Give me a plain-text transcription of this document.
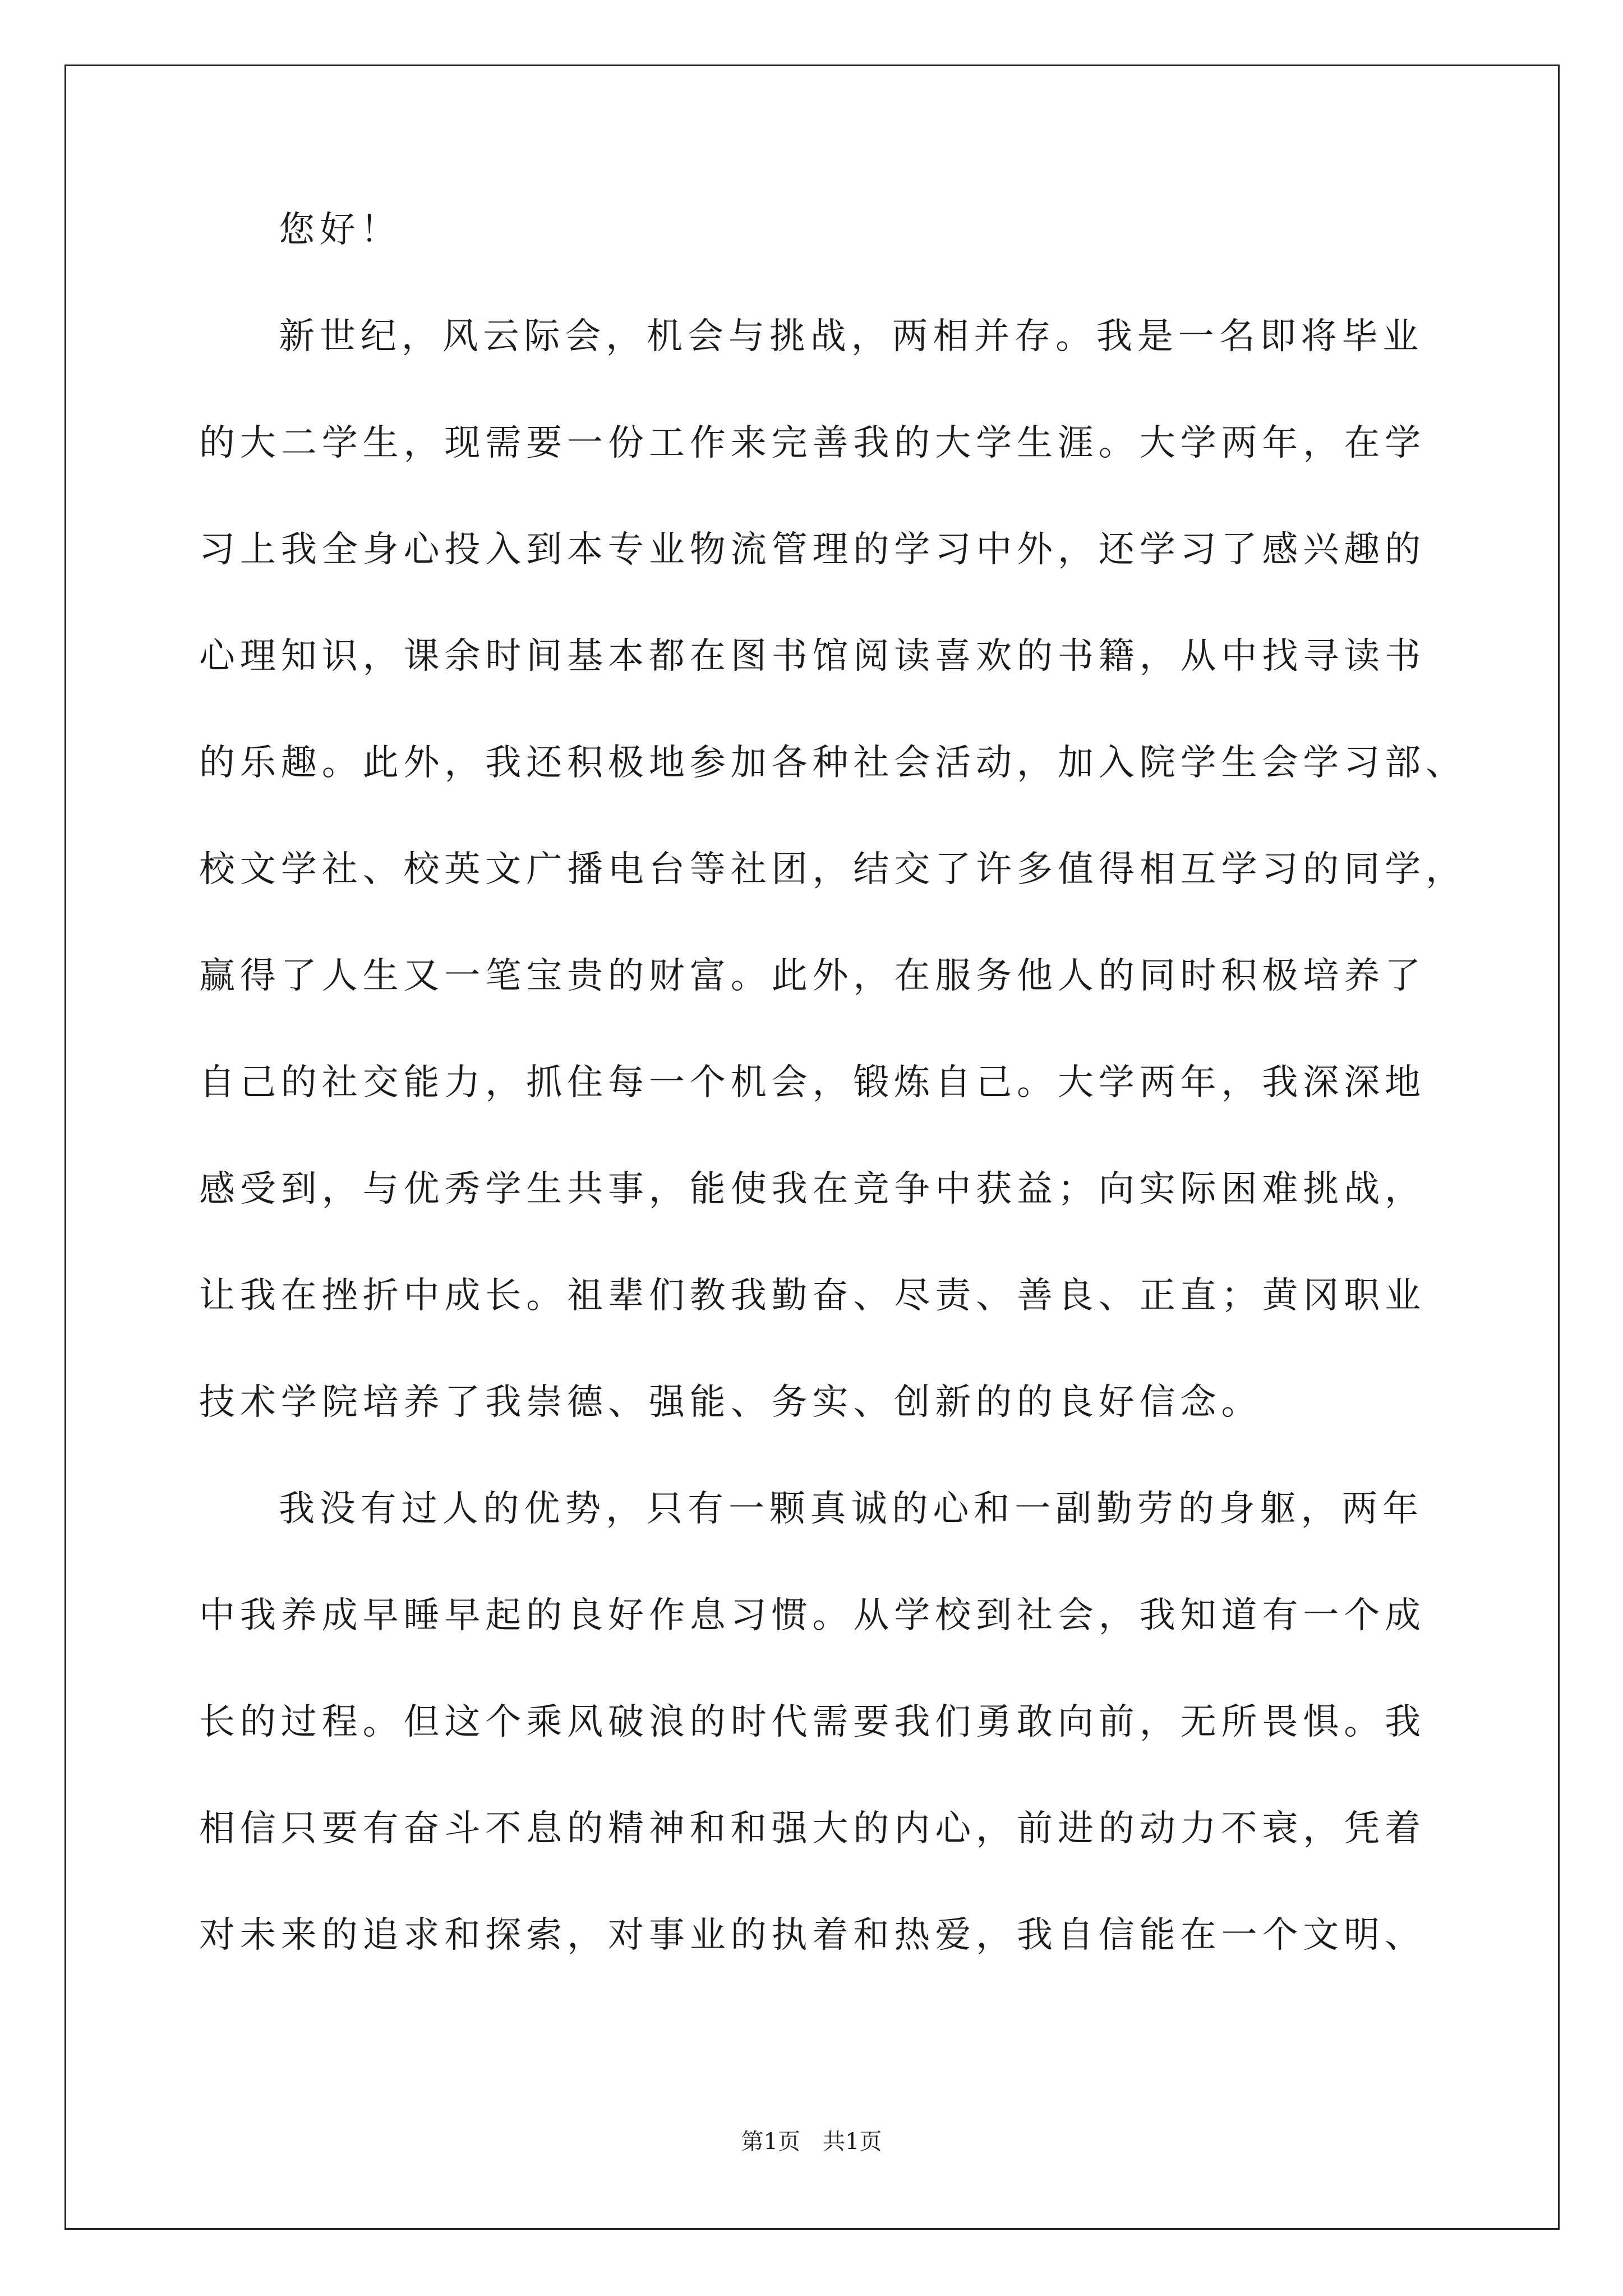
您好！
新世纪，风云际会，机会与挑战，两相并存。我是一名即将毕业
的大二学生，现需要一份工作来完善我的大学生涯。大学两年，在学
习上我全身心投入到本专业物流管理的学习中外，还学习了感兴趣的
心理知识，课余时间基本都在图书馆阅读喜欢的书籍，从中找寻读书
的乐趣。此外，我还积极地参加各种社会活动，加入院学生会学习部、
校文学社、校英文广播电台等社团，结交了许多值得相互学习的同学，
赢得了人生又一笔宝贵的财富。此外，在服务他人的同时积极培养了
自己的社交能力，抓住每一个机会，锻炼自己。大学两年，我深深地
感受到，与优秀学生共事，能使我在竞争中获益；向实际困难挑战，
让我在挫折中成长。祖辈们教我勤奋、尽责、善良、正直；黄冈职业
技术学院培养了我崇德、强能、务实、创新的的良好信念。
我没有过人的优势，只有一颗真诚的心和一副勤劳的身躯，两年
中我养成早睡早起的良好作息习惯。从学校到社会，我知道有一个成
长的过程。但这个乘风破浪的时代需要我们勇敢向前，无所畏惧。我
相信只要有奋斗不息的精神和和强大的内心，前进的动力不衰，凭着
对未来的追求和探索，对事业的执着和热爱，我自信能在一个文明、
第1页　共1页
